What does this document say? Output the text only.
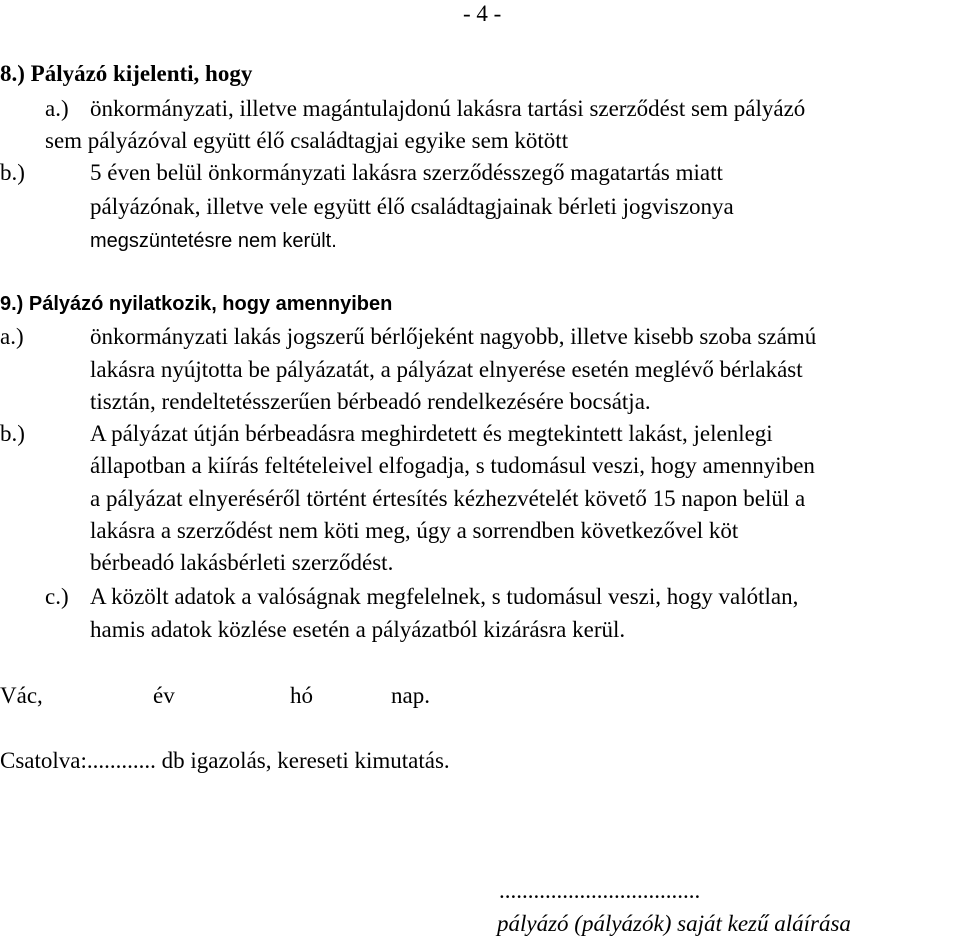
- 4 -
8.) Pályázó kijelenti, hogy
a.) önkormányzati, illetve magántulajdonú lakásra tartási szerződést sem pályázó
sem pályázóval együtt élő családtagjai egyike sem kötött
b.)	5 éven belül önkormányzati lakásra szerződésszegő magatartás miatt
pályázónak, illetve vele együtt élő családtagjainak bérleti jogviszonya
megszüntetésre nem került.
9.) Pályázó nyilatkozik, hogy amennyiben
a.)	önkormányzati lakás jogszerű bérlőjeként nagyobb, illetve kisebb szoba számú
lakásra nyújtotta be pályázatát, a pályázat elnyerése esetén meglévő bérlakást
tisztán, rendeltetésszerűen bérbeadó rendelkezésére bocsátja.
b.)	A pályázat útján bérbeadásra meghirdetett és megtekintett lakást, jelenlegi
állapotban a kiírás feltételeivel elfogadja, s tudomásul veszi, hogy amennyiben
a pályázat elnyeréséről történt értesítés kézhezvételét követő 15 napon belül a
lakásra a szerződést nem köti meg, úgy a sorrendben következővel köt
bérbeadó lakásbérleti szerződést.
c.) A közölt adatok a valóságnak megfelelnek, s tudomásul veszi, hogy valótlan,
hamis adatok közlése esetén a pályázatból kizárásra kerül.
Vác,	év	hó	nap.
Csatolva:............ db igazolás, kereseti kimutatás.
...................................
pályázó (pályázók) saját kezű aláírása
